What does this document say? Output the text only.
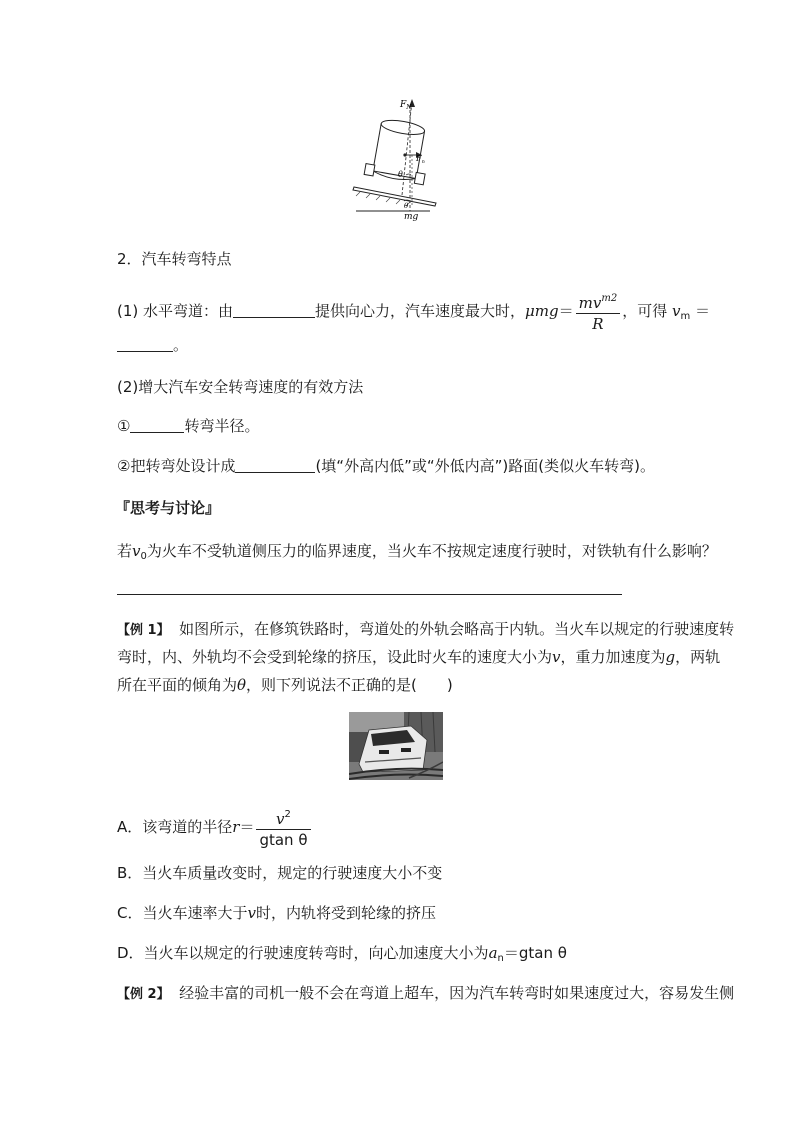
$F_N$
$F_n$
θ
θ
mg
2．汽车转弯特点
(1) 水平弯道：由	提供向心力，汽车速度最大时，$\mu mg= \frac{mv^{m2}}{R}$ ，可得 $v_m$ ＝
。
(2)增大汽车安全转弯速度的有效方法
①	转弯半径。
②把转弯处设计成	(填“外高内低”或“外低内高”)路面(类似火车转弯)。
『思考与讨论』
若$v_0$为火车不受轨道侧压力的临界速度，当火车不按规定速度行驶时，对铁轨有什么影响？
【例 1】 如图所示，在修筑铁路时，弯道处的外轨会略高于内轨。当火车以规定的行驶速度转
弯时，内、外轨均不会受到轮缘的挤压，设此时火车的速度大小为v，重力加速度为g，两轨
所在平面的倾角为θ，则下列说法不正确的是(　　)
A．该弯道的半径$r= \frac{v^2}{\text{gtan θ}}$
B．当火车质量改变时，规定的行驶速度大小不变
C．当火车速率大于v时，内轨将受到轮缘的挤压
D．当火车以规定的行驶速度转弯时，向心加速度大小为$a_n=gtan$ θ
【例 2】 经验丰富的司机一般不会在弯道上超车，因为汽车转弯时如果速度过大，容易发生侧
